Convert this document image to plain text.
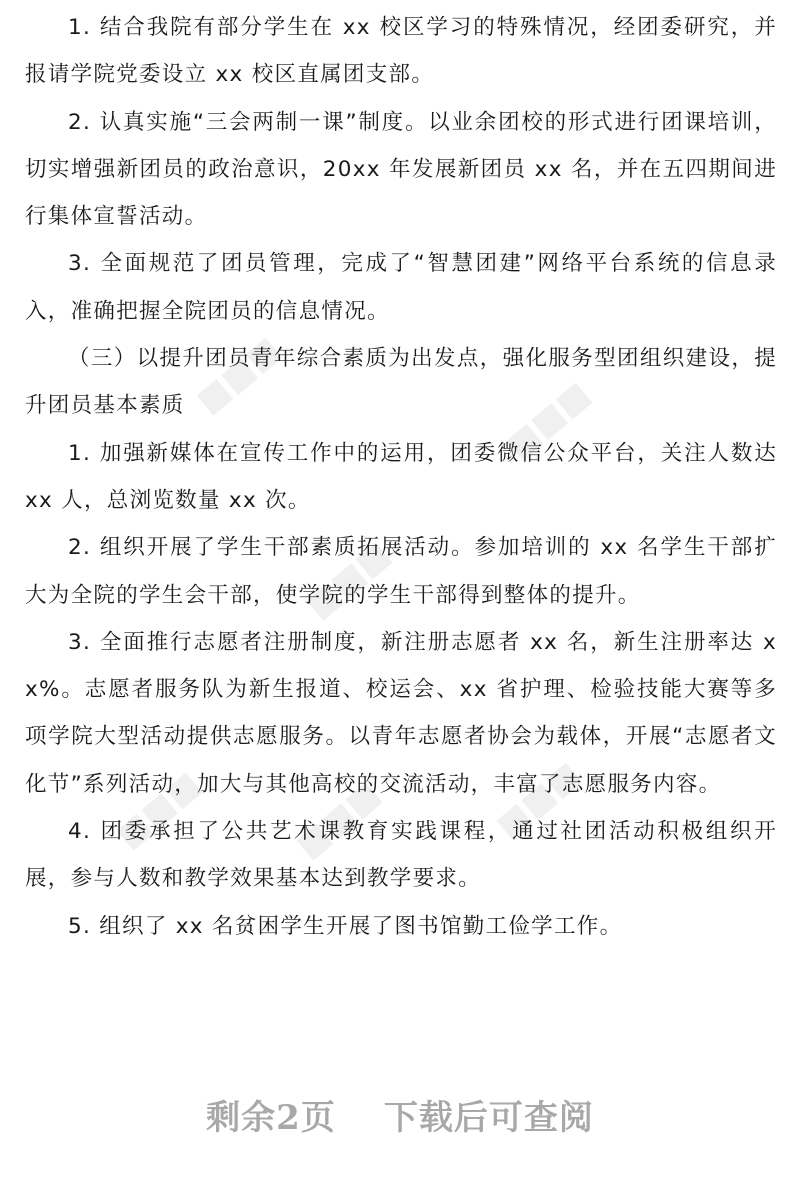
■■■	■■■
■■■
■■■ ■■■	■■■

1. 结合我院有部分学生在 xx 校区学习的特殊情况，经团委研究，并报请学院党委设立 xx 校区直属团支部。

2. 认真实施“三会两制一课”制度。以业余团校的形式进行团课培训，切实增强新团员的政治意识，20xx 年发展新团员 xx 名，并在五四期间进行集体宣誓活动。

3. 全面规范了团员管理，完成了“智慧团建”网络平台系统的信息录入，准确把握全院团员的信息情况。

（三）以提升团员青年综合素质为出发点，强化服务型团组织建设，提升团员基本素质

1. 加强新媒体在宣传工作中的运用，团委微信公众平台，关注人数达 xx 人，总浏览数量 xx 次。

2. 组织开展了学生干部素质拓展活动。参加培训的 xx 名学生干部扩大为全院的学生会干部，使学院的学生干部得到整体的提升。

3. 全面推行志愿者注册制度，新注册志愿者 xx 名，新生注册率达 xx%。志愿者服务队为新生报道、校运会、xx 省护理、检验技能大赛等多项学院大型活动提供志愿服务。以青年志愿者协会为载体，开展“志愿者文化节”系列活动，加大与其他高校的交流活动，丰富了志愿服务内容。

4. 团委承担了公共艺术课教育实践课程，通过社团活动积极组织开展，参与人数和教学效果基本达到教学要求。

5. 组织了 xx 名贫困学生开展了图书馆勤工俭学工作。

剩余2页 下载后可查阅
